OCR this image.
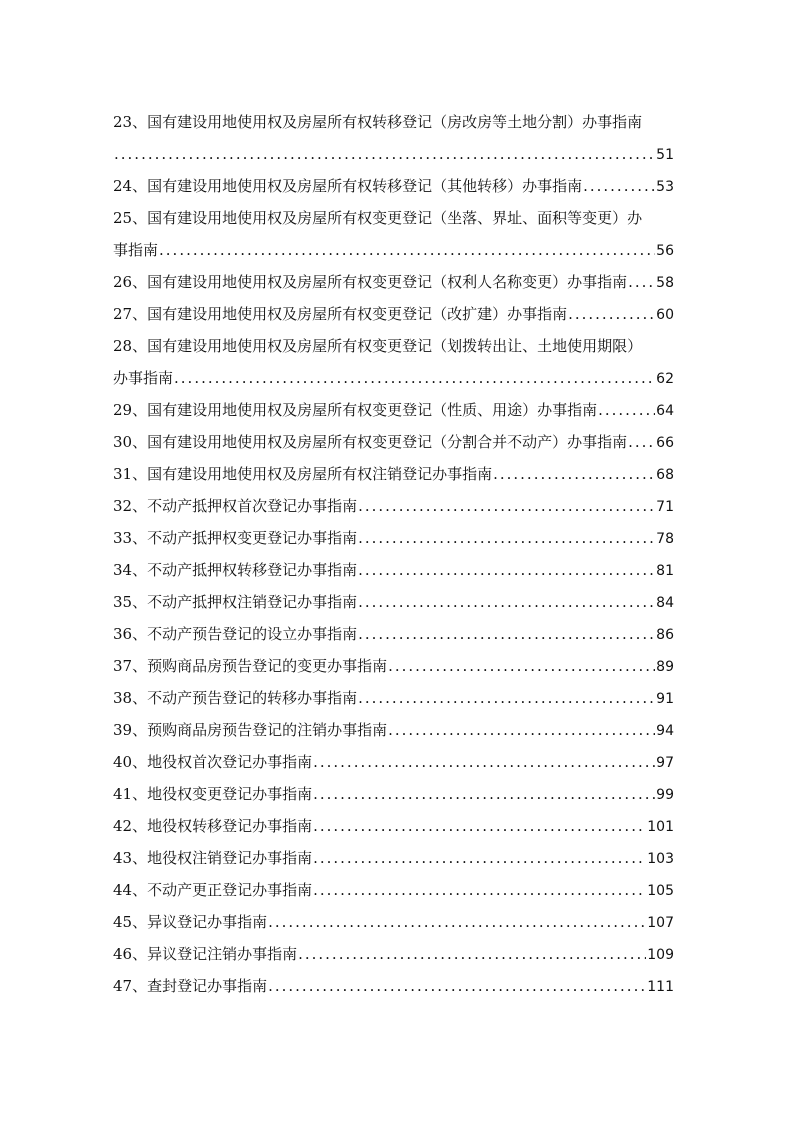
23、国有建设用地使用权及房屋所有权转移登记（房改房等土地分割）办事指南
.....
51
24、国有建设用地使用权及房屋所有权转移登记（其他转移）办事指南 .....	53
25、国有建设用地使用权及房屋所有权变更登记（坐落、界址、面积等变更）办
事指南 .....	56
26、国有建设用地使用权及房屋所有权变更登记（权利人名称变更）办事指南 ..... 58
27、国有建设用地使用权及房屋所有权变更登记（改扩建）办事指南 .....	60
28、国有建设用地使用权及房屋所有权变更登记（划拨转出让、土地使用期限）
办事指南 .....	62
29、国有建设用地使用权及房屋所有权变更登记（性质、用途）办事指南 .....	64
30、国有建设用地使用权及房屋所有权变更登记（分割合并不动产）办事指南 ..... 66
31、国有建设用地使用权及房屋所有权注销登记办事指南 .....	68
32、不动产抵押权首次登记办事指南 .....	71
33、不动产抵押权变更登记办事指南 .....	78
34、不动产抵押权转移登记办事指南 .....	81
35、不动产抵押权注销登记办事指南 .....	84
36、不动产预告登记的设立办事指南 .....	86
37、预购商品房预告登记的变更办事指南 .....	89
38、不动产预告登记的转移办事指南 .....	91
39、预购商品房预告登记的注销办事指南 .....	94
40、地役权首次登记办事指南 .....	97
41、地役权变更登记办事指南 .....	99
42、地役权转移登记办事指南 .....	101
43、地役权注销登记办事指南 .....	103
44、不动产更正登记办事指南 .....	105
45、异议登记办事指南 .....	107
46、异议登记注销办事指南 .....	109
47、查封登记办事指南 .....	111
